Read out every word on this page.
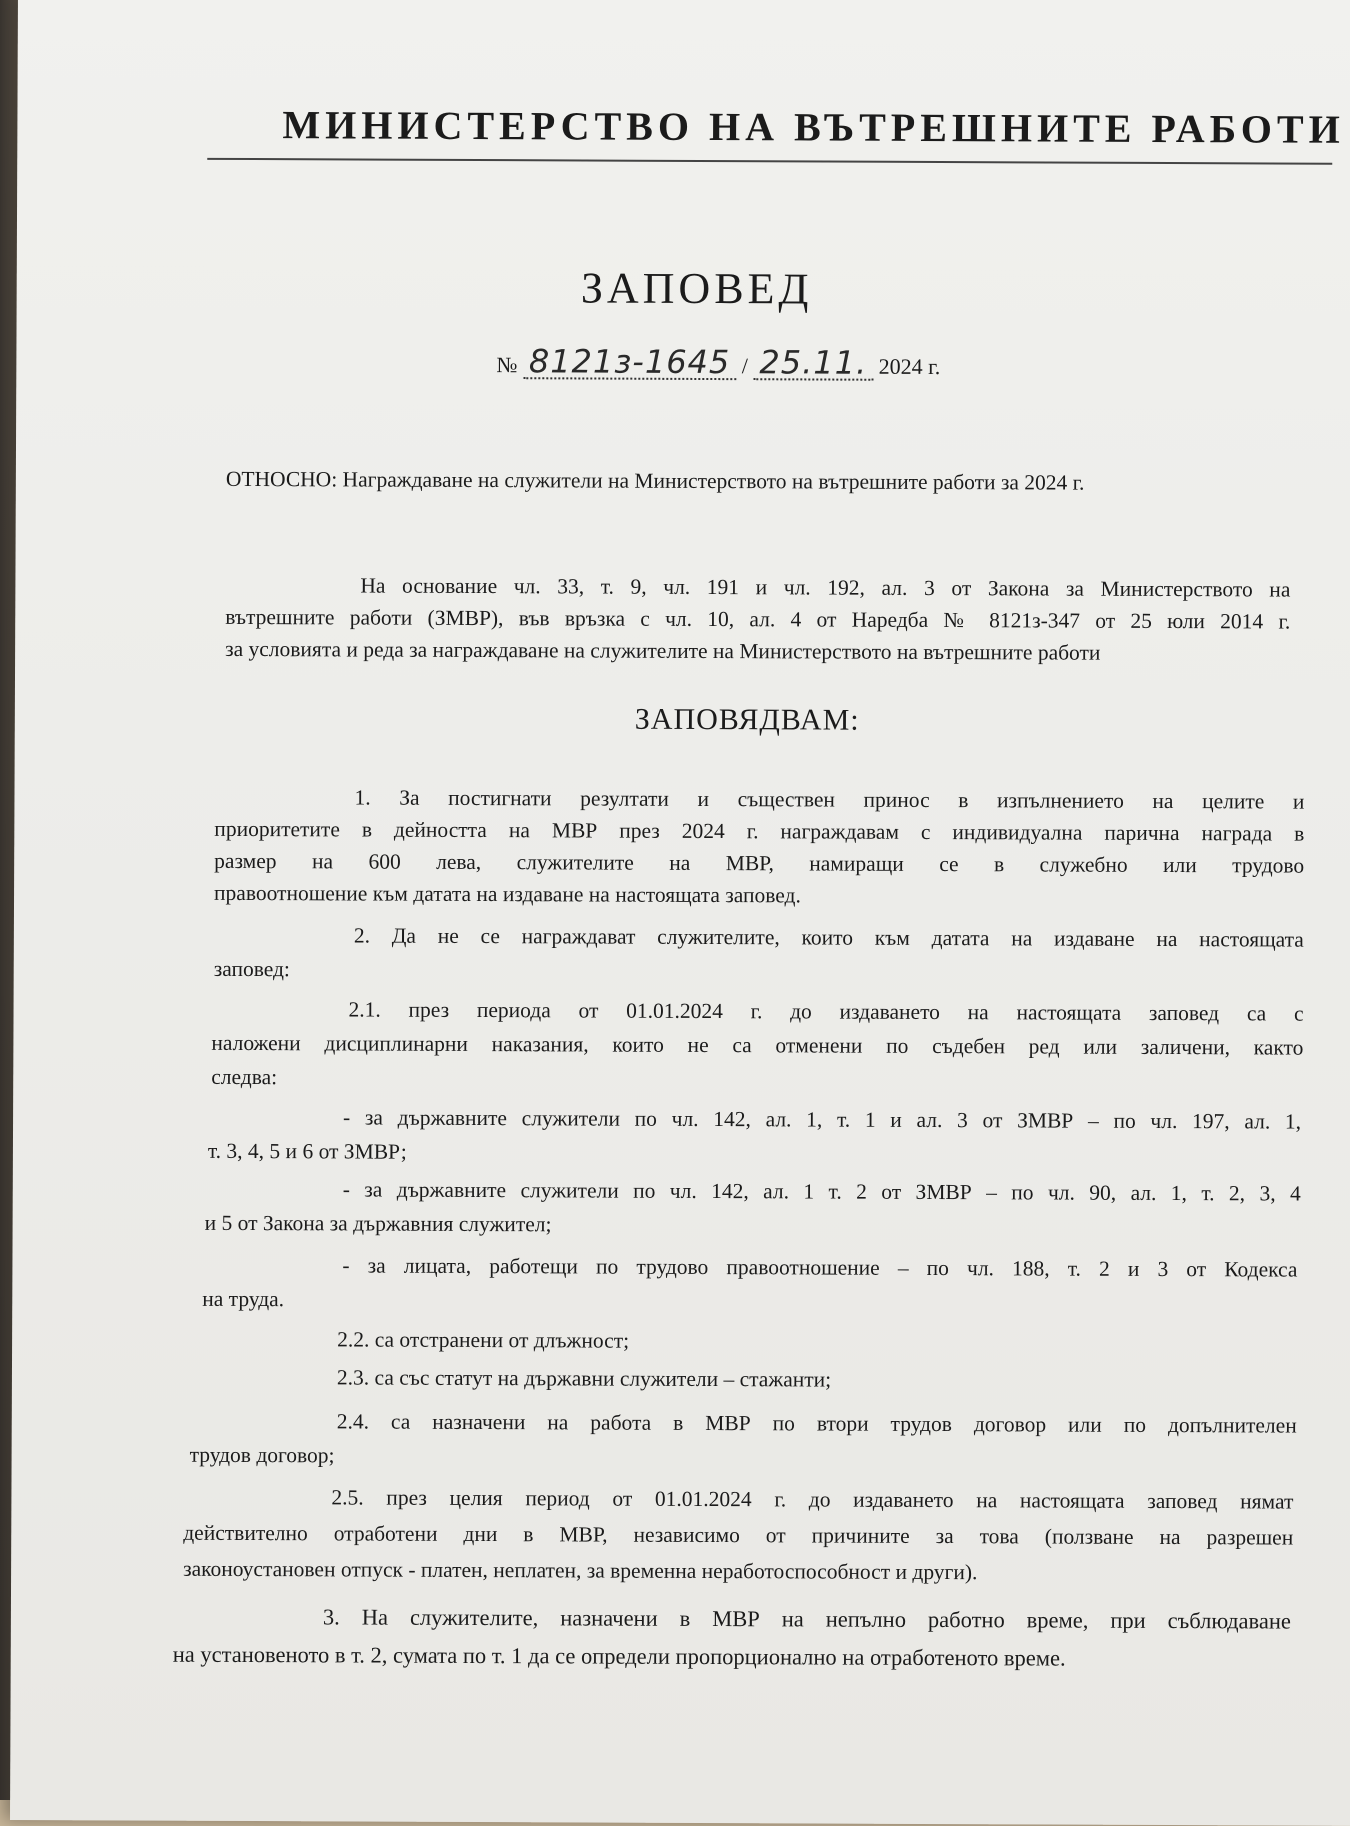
МИНИСТЕРСТВО НА ВЪТРЕШНИТЕ РАБОТИ
ЗАПОВЕД
№ 8121з-1645 / 25.11. 2024 г.
ОТНОСНО: Награждаване на служители на Министерството на вътрешните работи за 2024 г.
На основание чл. 33, т. 9, чл. 191 и чл. 192, ал. 3 от Закона за Министерството на
вътрешните работи (ЗМВР), във връзка с чл. 10, ал. 4 от Наредба № 8121з-347 от 25 юли 2014 г.
за условията и реда за награждаване на служителите на Министерството на вътрешните работи
ЗАПОВЯДВАМ:
1. За постигнати резултати и съществен принос в изпълнението на целите и
приоритетите в дейността на МВР през 2024 г. награждавам с индивидуална парична награда в
размер на 600 лева, служителите на МВР, намиращи се в служебно или трудово
правоотношение към датата на издаване на настоящата заповед.
2. Да не се награждават служителите, които към датата на издаване на настоящата
заповед:
2.1. през периода от 01.01.2024 г. до издаването на настоящата заповед са с
наложени дисциплинарни наказания, които не са отменени по съдебен ред или заличени, както
следва:
- за държавните служители по чл. 142, ал. 1, т. 1 и ал. 3 от ЗМВР – по чл. 197, ал. 1,
т. 3, 4, 5 и 6 от ЗМВР;
- за държавните служители по чл. 142, ал. 1 т. 2 от ЗМВР – по чл. 90, ал. 1, т. 2, 3, 4
и 5 от Закона за държавния служител;
- за лицата, работещи по трудово правоотношение – по чл. 188, т. 2 и 3 от Кодекса
на труда.
2.2. са отстранени от длъжност;
2.3. са със статут на държавни служители – стажанти;
2.4. са назначени на работа в МВР по втори трудов договор или по допълнителен
трудов договор;
2.5. през целия период от 01.01.2024 г. до издаването на настоящата заповед нямат
действително отработени дни в МВР, независимо от причините за това (ползване на разрешен
законоустановен отпуск - платен, неплатен, за временна неработоспособност и други).
3. На служителите, назначени в МВР на непълно работно време, при съблюдаване
на установеното в т. 2, сумата по т. 1 да се определи пропорционално на отработеното време.
